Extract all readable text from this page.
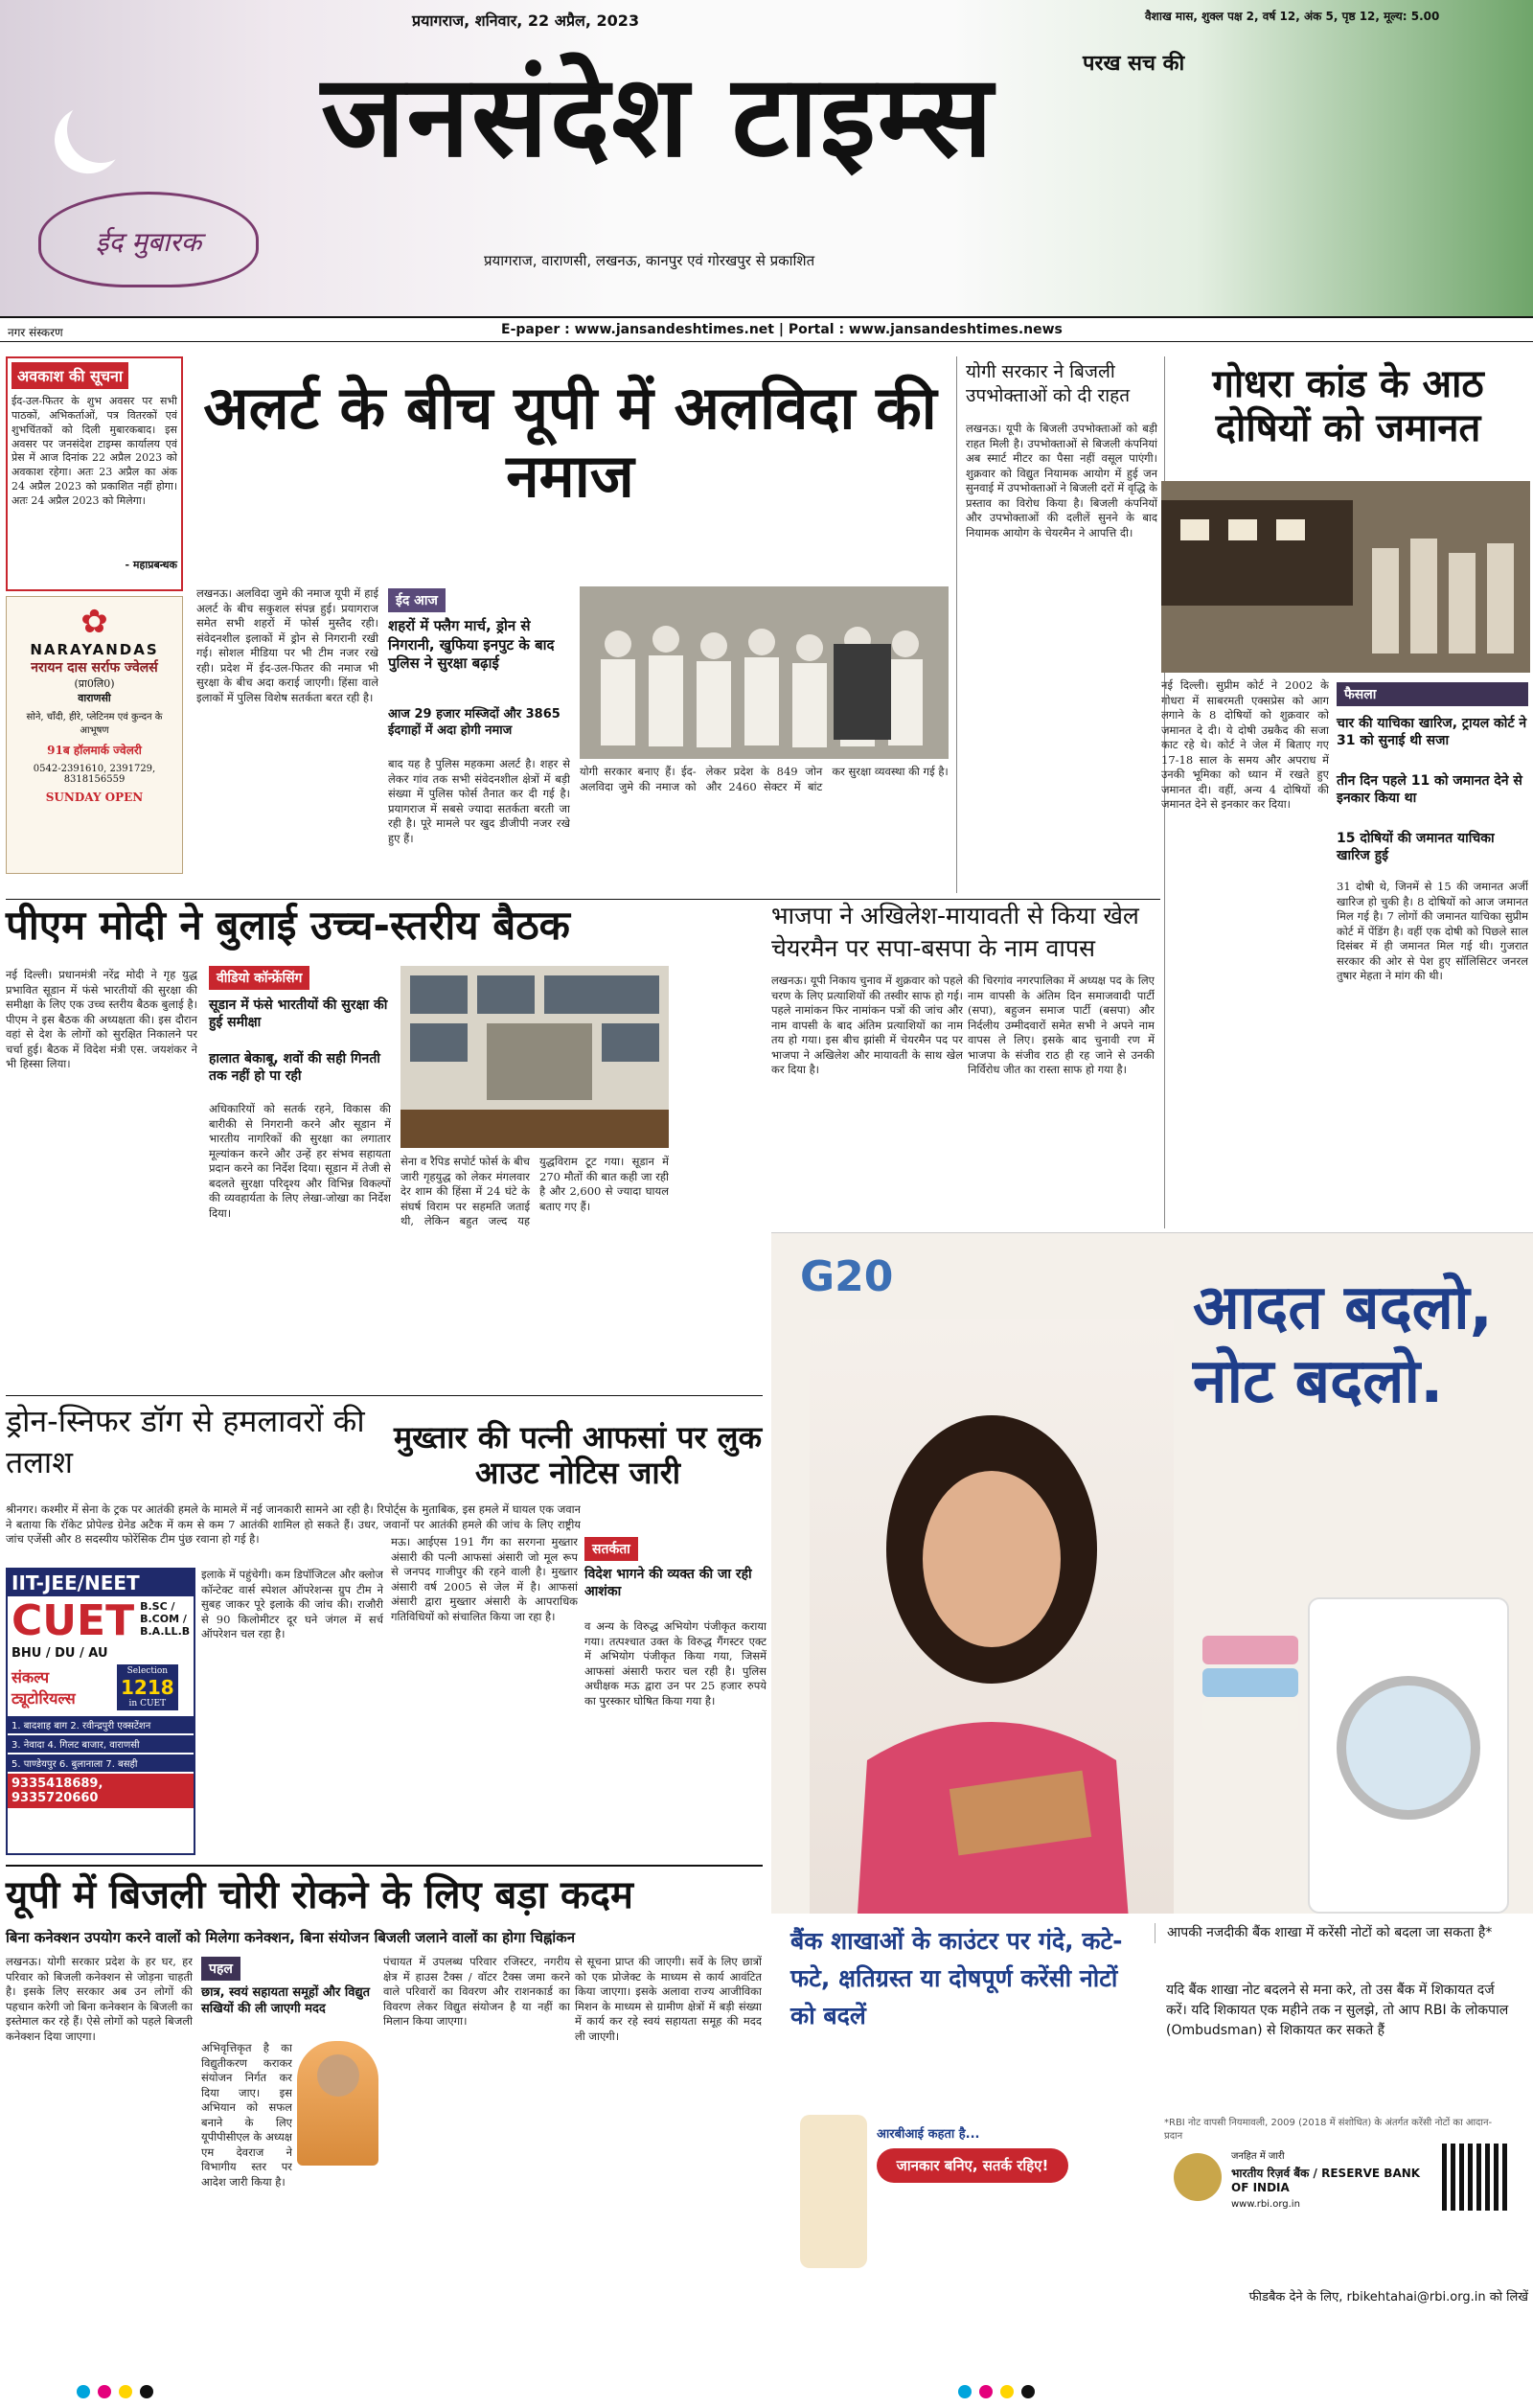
ईद मुबारक
प्रयागराज, शनिवार, 22 अप्रैल, 2023	वैशाख मास, शुक्ल पक्ष 2, वर्ष 12, अंक 5, पृष्ठ 12, मूल्य: 5.00
परख सच की
जनसंदेश टाइम्स
प्रयागराज, वाराणसी, लखनऊ, कानपुर एवं गोरखपुर से प्रकाशित
नगर संस्करण	E-paper : www.jansandeshtimes.net | Portal : www.jansandeshtimes.news
अवकाश की सूचना
ईद-उल-फितर के शुभ अवसर पर सभी पाठकों, अभिकर्ताओं, पत्र वितरकों एवं शुभचिंतकों को दिली मुबारकबाद। इस अवसर पर जनसंदेश टाइम्स कार्यालय एवं प्रेस में आज दिनांक 22 अप्रैल 2023 को अवकाश रहेगा। अतः 23 अप्रैल का अंक 24 अप्रैल 2023 को प्रकाशित नहीं होगा। अतः 24 अप्रैल 2023 को मिलेगा।
- महाप्रबन्धक
✿
NARAYANDAS
नरायन दास सर्राफ ज्वेलर्स
(प्रा0लि0)
वाराणसी
सोने, चाँदी, हीरे, प्लेटिनम एवं कुन्दन के आभूषण
91ब हॉलमार्क ज्वेलरी
0542-2391610, 2391729, 8318156559
SUNDAY OPEN
अलर्ट के बीच यूपी में अलविदा की नमाज
लखनऊ। अलविदा जुमे की नमाज यूपी में हाई अलर्ट के बीच सकुशल संपन्न हुई। प्रयागराज समेत सभी शहरों में फोर्स मुस्तैद रही। संवेदनशील इलाकों में ड्रोन से निगरानी रखी गई। सोशल मीडिया पर भी टीम नजर रखे रही। प्रदेश में ईद-उल-फितर की नमाज भी सुरक्षा के बीच अदा कराई जाएगी। हिंसा वाले इलाकों में पुलिस विशेष सतर्कता बरत रही है।
ईद आज
शहरों में फ्लैग मार्च, ड्रोन से निगरानी, खुफिया इनपुट के बाद पुलिस ने सुरक्षा बढ़ाई
आज 29 हजार मस्जिदों और 3865 ईदगाहों में अदा होगी नमाज
बाद यह है पुलिस महकमा अलर्ट है। शहर से लेकर गांव तक सभी संवेदनशील क्षेत्रों में बड़ी संख्या में पुलिस फोर्स तैनात कर दी गई है। प्रयागराज में सबसे ज्यादा सतर्कता बरती जा रही है। पूरे मामले पर खुद डीजीपी नजर रखे हुए हैं।
योगी सरकार बनाए हैं। ईद-अलविदा जुमे की नमाज को लेकर प्रदेश के 849 जोन और 2460 सेक्टर में बांट कर सुरक्षा व्यवस्था की गई है।
योगी सरकार ने बिजली उपभोक्ताओं को दी राहत
लखनऊ। यूपी के बिजली उपभोक्ताओं को बड़ी राहत मिली है। उपभोक्ताओं से बिजली कंपनियां अब स्मार्ट मीटर का पैसा नहीं वसूल पाएंगी। शुक्रवार को विद्युत नियामक आयोग में हुई जन सुनवाई में उपभोक्ताओं ने बिजली दरों में वृद्धि के प्रस्ताव का विरोध किया है। बिजली कंपनियों और उपभोक्ताओं की दलीलें सुनने के बाद नियामक आयोग के चेयरमैन ने आपत्ति दी।
गोधरा कांड के आठ दोषियों को जमानत
नई दिल्ली। सुप्रीम कोर्ट ने 2002 के गोधरा में साबरमती एक्सप्रेस को आग लगाने के 8 दोषियों को शुक्रवार को जमानत दे दी। ये दोषी उम्रकैद की सजा काट रहे थे। कोर्ट ने जेल में बिताए गए 17-18 साल के समय और अपराध में उनकी भूमिका को ध्यान में रखते हुए जमानत दी। वहीं, अन्य 4 दोषियों की जमानत देने से इनकार कर दिया।
फैसला
चार की याचिका खारिज, ट्रायल कोर्ट ने 31 को सुनाई थी सजा
तीन दिन पहले 11 को जमानत देने से इनकार किया था
15 दोषियों की जमानत याचिका खारिज हुई
31 दोषी थे, जिनमें से 15 की जमानत अर्जी खारिज हो चुकी है। 8 दोषियों को आज जमानत मिल गई है। 7 लोगों की जमानत याचिका सुप्रीम कोर्ट में पेंडिंग है। वहीं एक दोषी को पिछले साल दिसंबर में ही जमानत मिल गई थी। गुजरात सरकार की ओर से पेश हुए सॉलिसिटर जनरल तुषार मेहता ने मांग की थी।
पीएम मोदी ने बुलाई उच्च-स्तरीय बैठक
नई दिल्ली। प्रधानमंत्री नरेंद्र मोदी ने गृह युद्ध प्रभावित सूडान में फंसे भारतीयों की सुरक्षा की समीक्षा के लिए एक उच्च स्तरीय बैठक बुलाई है। पीएम ने इस बैठक की अध्यक्षता की। इस दौरान वहां से देश के लोगों को सुरक्षित निकालने पर चर्चा हुई। बैठक में विदेश मंत्री एस. जयशंकर ने भी हिस्सा लिया।
वीडियो कॉन्फ्रेंसिंग
सूडान में फंसे भारतीयों की सुरक्षा की हुई समीक्षा
हालात बेकाबू, शवों की सही गिनती तक नहीं हो पा रही
अधिकारियों को सतर्क रहने, विकास की बारीकी से निगरानी करने और सूडान में भारतीय नागरिकों की सुरक्षा का लगातार मूल्यांकन करने और उन्हें हर संभव सहायता प्रदान करने का निर्देश दिया। सूडान में तेजी से बदलते सुरक्षा परिदृश्य और विभिन्न विकल्पों की व्यवहार्यता के लिए लेखा-जोखा का निर्देश दिया।
सेना व रैपिड सपोर्ट फोर्स के बीच जारी गृहयुद्ध को लेकर मंगलवार देर शाम की हिंसा में 24 घंटे के संघर्ष विराम पर सहमति जताई थी, लेकिन बहुत जल्द यह युद्धविराम टूट गया। सूडान में 270 मौतों की बात कही जा रही है और 2,600 से ज्यादा घायल बताए गए हैं।
भाजपा ने अखिलेश-मायावती से किया खेल
चेयरमैन पर सपा-बसपा के नाम वापस
लखनऊ। यूपी निकाय चुनाव में शुक्रवार को पहले चरण के लिए प्रत्याशियों की तस्वीर साफ हो गई। पहले नामांकन फिर नामांकन पत्रों की जांच और नाम वापसी के बाद अंतिम प्रत्याशियों का नाम तय हो गया। इस बीच झांसी में चेयरमैन पद पर भाजपा ने अखिलेश और मायावती के साथ खेल कर दिया है।
की चिरगांव नगरपालिका में अध्यक्ष पद के लिए नाम वापसी के अंतिम दिन समाजवादी पार्टी (सपा), बहुजन समाज पार्टी (बसपा) और निर्दलीय उम्मीदवारों समेत सभी ने अपने नाम वापस ले लिए। इसके बाद चुनावी रण में भाजपा के संजीव राठ ही रह जाने से उनकी निर्विरोध जीत का रास्ता साफ हो गया है।
ड्रोन-स्निफर डॉग से हमलावरों की तलाश
श्रीनगर। कश्मीर में सेना के ट्रक पर आतंकी हमले के मामले में नई जानकारी सामने आ रही है। रिपोर्ट्स के मुताबिक, इस हमले में घायल एक जवान ने बताया कि रॉकेट प्रोपेल्ड ग्रेनेड अटैक में कम से कम 7 आतंकी शामिल हो सकते हैं। उधर, जवानों पर आतंकी हमले की जांच के लिए राष्ट्रीय जांच एजेंसी और 8 सदस्यीय फोरेंसिक टीम पुंछ रवाना हो गई है।
इलाके में पहुंचेगी। कम डिपॉजिटल और क्लोज कॉन्टेक्ट वार्स स्पेशल ऑपरेशन्स ग्रुप टीम ने सुबह जाकर पूरे इलाके की जांच की। राजौरी से 90 किलोमीटर दूर घने जंगल में सर्च ऑपरेशन चल रहा है।
मुख्तार की पत्नी आफसां पर लुक आउट नोटिस जारी
मऊ। आईएस 191 गैंग का सरगना मुख्तार अंसारी की पत्नी आफसां अंसारी जो मूल रूप से जनपद गाजीपुर की रहने वाली है। मुख्तार अंसारी वर्ष 2005 से जेल में है। आफसां अंसारी द्वारा मुख्तार अंसारी के आपराधिक गतिविधियों को संचालित किया जा रहा है।
सतर्कता
विदेश भागने की व्यक्त की जा रही आशंका
व अन्य के विरुद्ध अभियोग पंजीकृत कराया गया। तत्पश्चात उक्त के विरुद्ध गैंगस्टर एक्ट में अभियोग पंजीकृत किया गया, जिसमें आफसां अंसारी फरार चल रही है। पुलिस अधीक्षक मऊ द्वारा उन पर 25 हजार रुपये का पुरस्कार घोषित किया गया है।
IIT-JEE/NEET
CUET B.SC / B.COM / B.A.LL.B
BHU / DU / AU
संकल्प ट्यूटोरियल्स
Selection
1218
in CUET
1. बादशाह बाग 2. रवीन्द्रपुरी एक्सटेंशन
3. नेवादा 4. गिलट बाजार, वाराणसी
5. पाण्डेयपुर 6. बुलानाला 7. बसही
9335418689, 9335720660
यूपी में बिजली चोरी रोकने के लिए बड़ा कदम
बिना कनेक्शन उपयोग करने वालों को मिलेगा कनेक्शन, बिना संयोजन बिजली जलाने वालों का होगा चिह्नांकन
लखनऊ। योगी सरकार प्रदेश के हर घर, हर परिवार को बिजली कनेक्शन से जोड़ना चाहती है। इसके लिए सरकार अब उन लोगों की पहचान करेगी जो बिना कनेक्शन के बिजली का इस्तेमाल कर रहे हैं। ऐसे लोगों को पहले बिजली कनेक्शन दिया जाएगा।
पहल
छात्र, स्वयं सहायता समूहों और विद्युत सखियों की ली जाएगी मदद
अभिवृत्तिकृत है का विद्युतीकरण कराकर संयोजन निर्गत कर दिया जाए। इस अभियान को सफल बनाने के लिए यूपीपीसीएल के अध्यक्ष एम देवराज ने विभागीय स्तर पर आदेश जारी किया है।
पंचायत में उपलब्ध परिवार रजिस्टर, नगरीय क्षेत्र में हाउस टैक्स / वॉटर टैक्स जमा करने वाले परिवारों का विवरण और राशनकार्ड का विवरण लेकर विद्युत संयोजन है या नहीं का मिलान किया जाएगा।
से सूचना प्राप्त की जाएगी। सर्वे के लिए छात्रों को एक प्रोजेक्ट के माध्यम से कार्य आवंटित किया जाएगा। इसके अलावा राज्य आजीविका मिशन के माध्यम से ग्रामीण क्षेत्रों में बड़ी संख्या में कार्य कर रहे स्वयं सहायता समूह की मदद ली जाएगी।
G20	आदत बदलो, नोट बदलो.
बैंक शाखाओं के काउंटर पर गंदे, कटे-फटे, क्षतिग्रस्त या दोषपूर्ण करेंसी नोटों को बदलें
आपकी नजदीकी बैंक शाखा में करेंसी नोटों को बदला जा सकता है*
यदि बैंक शाखा नोट बदलने से मना करे, तो उस बैंक में शिकायत दर्ज करें। यदि शिकायत एक महीने तक न सुलझे, तो आप RBI के लोकपाल (Ombudsman) से शिकायत कर सकते हैं
*RBI नोट वापसी नियमावली, 2009 (2018 में संशोधित) के अंतर्गत करेंसी नोटों का आदान-प्रदान
आरबीआई कहता है...
जानकार बनिए, सतर्क रहिए!
जनहित में जारी
भारतीय रिज़र्व बैंक / RESERVE BANK OF INDIA
www.rbi.org.in
फीडबैक देने के लिए, rbikehtahai@rbi.org.in को लिखें
